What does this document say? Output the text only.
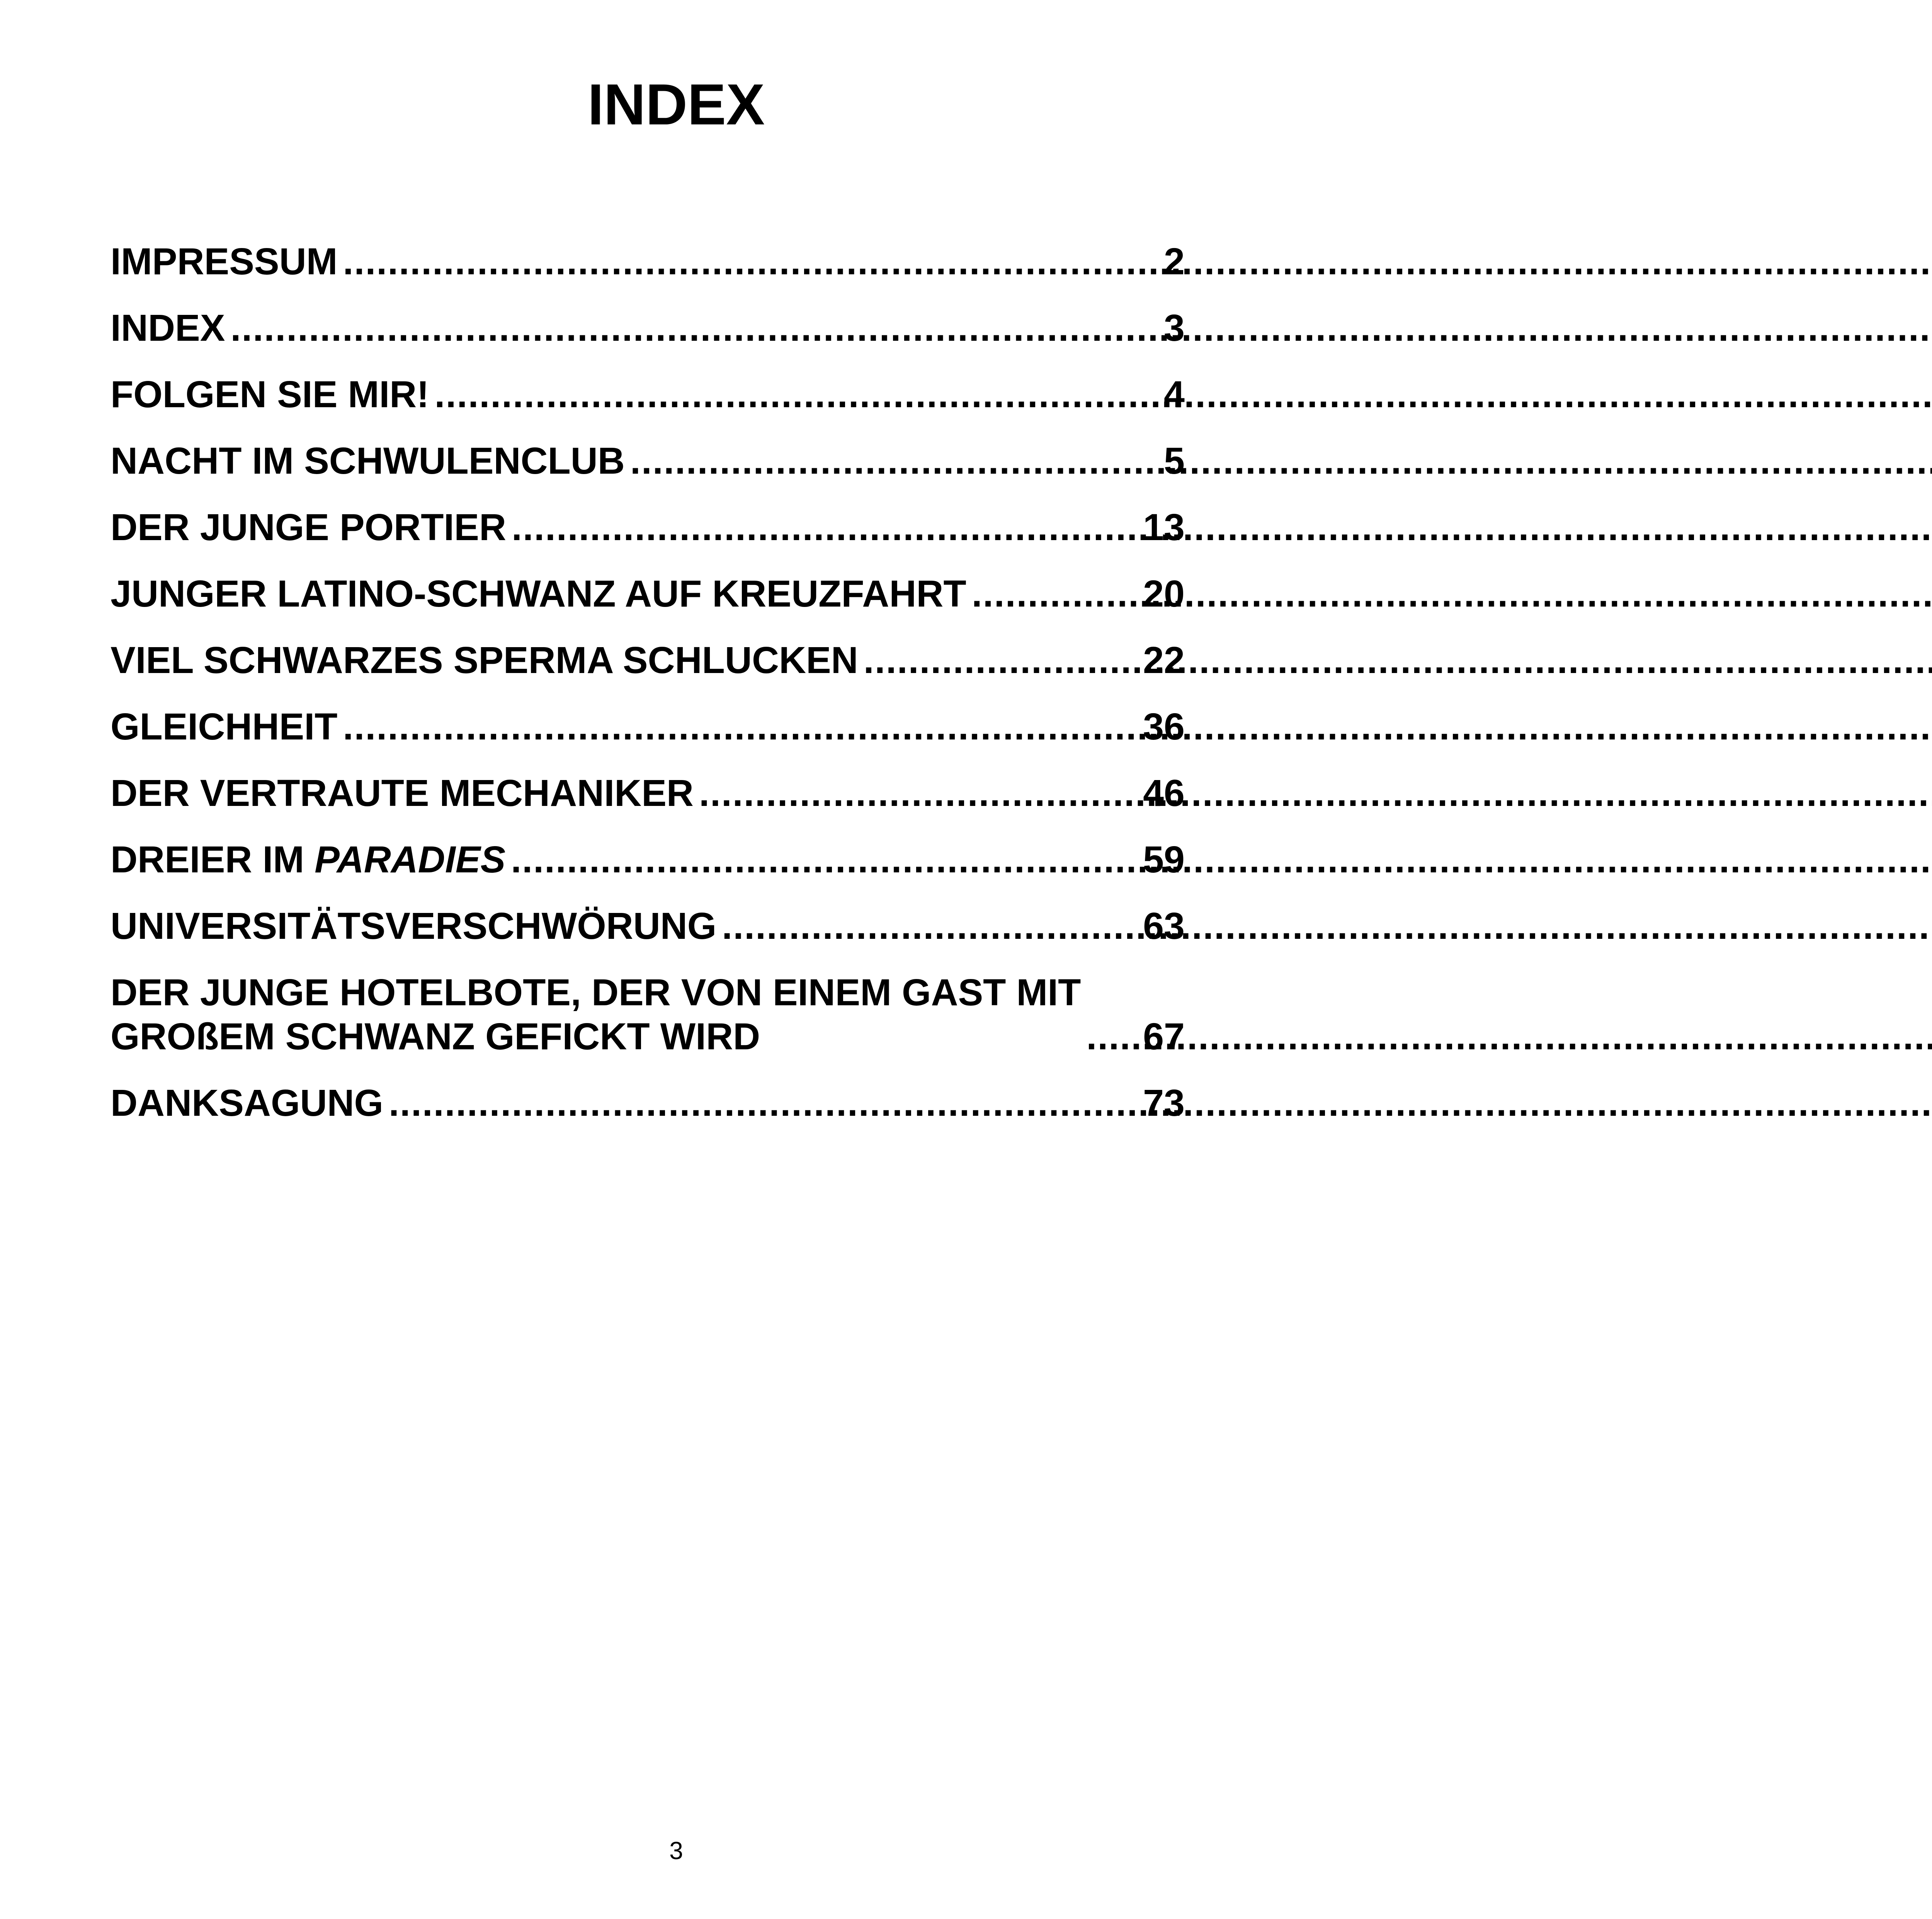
INDEX
IMPRESSUM .....	2
INDEX .....	3
FOLGEN SIE MIR! .....	4
NACHT IM SCHWULENCLUB .....	5
DER JUNGE PORTIER .....	13
JUNGER LATINO-SCHWANZ AUF KREUZFAHRT .....	20
VIEL SCHWARZES SPERMA SCHLUCKEN .....	22
GLEICHHEIT .....	36
DER VERTRAUTE MECHANIKER .....	46
DREIER IM PARADIES .....	59
UNIVERSITÄTSVERSCHWÖRUNG .....	63
DER JUNGE HOTELBOTE, DER VON EINEM GAST MIT
GROßEM SCHWANZ GEFICKT WIRD .....	67
DANKSAGUNG .....	73
3
